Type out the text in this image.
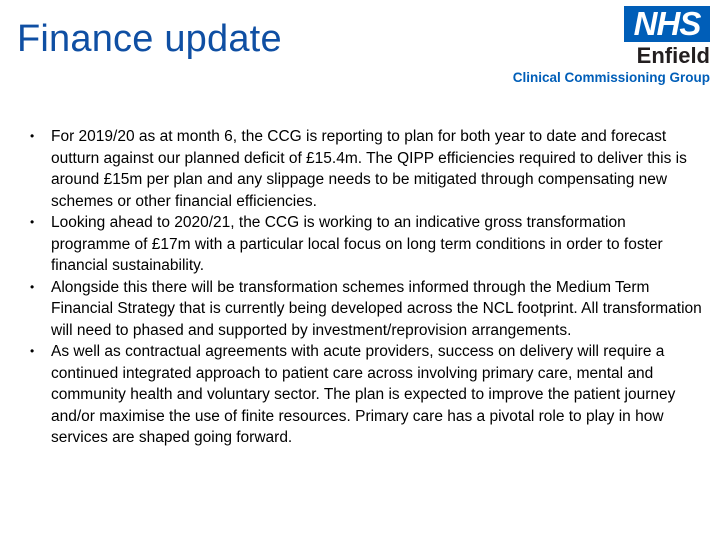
Finance update	NHS
Enfield
Clinical Commissioning Group
• For 2019/20 as at month 6, the CCG is reporting to plan for both year to date and forecast outturn against our planned deficit of £15.4m. The QIPP efficiencies required to deliver this is around £15m per plan and any slippage needs to be mitigated through compensating new schemes or other financial efficiencies.
• Looking ahead to 2020/21, the CCG is working to an indicative gross transformation programme of £17m with a particular local focus on long term conditions in order to foster financial sustainability.
• Alongside this there will be transformation schemes informed through the Medium Term Financial Strategy that is currently being developed across the NCL footprint. All transformation will need to phased and supported by investment/reprovision arrangements.
• As well as contractual agreements with acute providers, success on delivery will require a continued integrated approach to patient care across involving primary care, mental and community health and voluntary sector. The plan is expected to improve the patient journey and/or maximise the use of finite resources. Primary care has a pivotal role to play in how services are shaped going forward.
